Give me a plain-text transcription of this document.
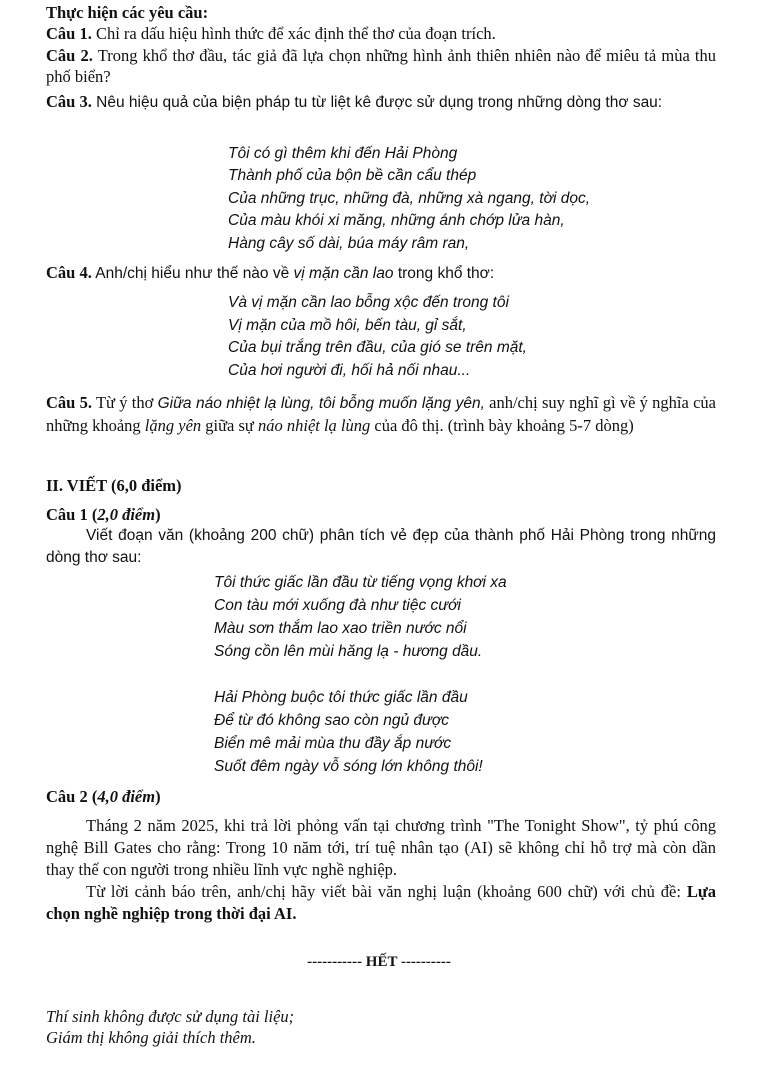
Thực hiện các yêu cầu:
Câu 1. Chỉ ra dấu hiệu hình thức để xác định thể thơ của đoạn trích.
Câu 2. Trong khổ thơ đầu, tác giả đã lựa chọn những hình ảnh thiên nhiên nào để miêu tả mùa thu phố biển?
Câu 3. Nêu hiệu quả của biện pháp tu từ liệt kê được sử dụng trong những dòng thơ sau:
Tôi có gì thêm khi đến Hải Phòng
Thành phố của bộn bề cần cẩu thép
Của những trục, những đà, những xà ngang, tời dọc,
Của màu khói xi măng, những ánh chớp lửa hàn,
Hàng cây số dài, búa máy râm ran,
Câu 4. Anh/chị hiểu như thế nào về vị mặn cần lao trong khổ thơ:
Và vị mặn cần lao bỗng xộc đến trong tôi
Vị mặn của mồ hôi, bến tàu, gỉ sắt,
Của bụi trắng trên đầu, của gió se trên mặt,
Của hơi người đi, hối hả nối nhau...
Câu 5. Từ ý thơ Giữa náo nhiệt lạ lùng, tôi bỗng muốn lặng yên, anh/chị suy nghĩ gì về ý nghĩa của những khoảng lặng yên giữa sự náo nhiệt lạ lùng của đô thị. (trình bày khoảng 5-7 dòng)
II. VIẾT (6,0 điểm)
Câu 1 (2,0 điểm)
Viết đoạn văn (khoảng 200 chữ) phân tích vẻ đẹp của thành phố Hải Phòng trong những dòng thơ sau:
Tôi thức giấc lần đầu từ tiếng vọng khơi xa
Con tàu mới xuống đà như tiệc cưới
Màu sơn thắm lao xao triền nước nổi
Sóng cồn lên mùi hăng lạ - hương dầu.
Hải Phòng buộc tôi thức giấc lần đầu
Để từ đó không sao còn ngủ được
Biển mê mải mùa thu đầy ắp nước
Suốt đêm ngày vỗ sóng lớn không thôi!
Câu 2 (4,0 điểm)
Tháng 2 năm 2025, khi trả lời phỏng vấn tại chương trình "The Tonight Show", tỷ phú công nghệ Bill Gates cho rằng: Trong 10 năm tới, trí tuệ nhân tạo (AI) sẽ không chỉ hỗ trợ mà còn dần thay thế con người trong nhiều lĩnh vực nghề nghiệp.
Từ lời cảnh báo trên, anh/chị hãy viết bài văn nghị luận (khoảng 600 chữ) với chủ đề: Lựa chọn nghề nghiệp trong thời đại AI.
----------- HẾT ----------
Thí sinh không được sử dụng tài liệu;
Giám thị không giải thích thêm.
